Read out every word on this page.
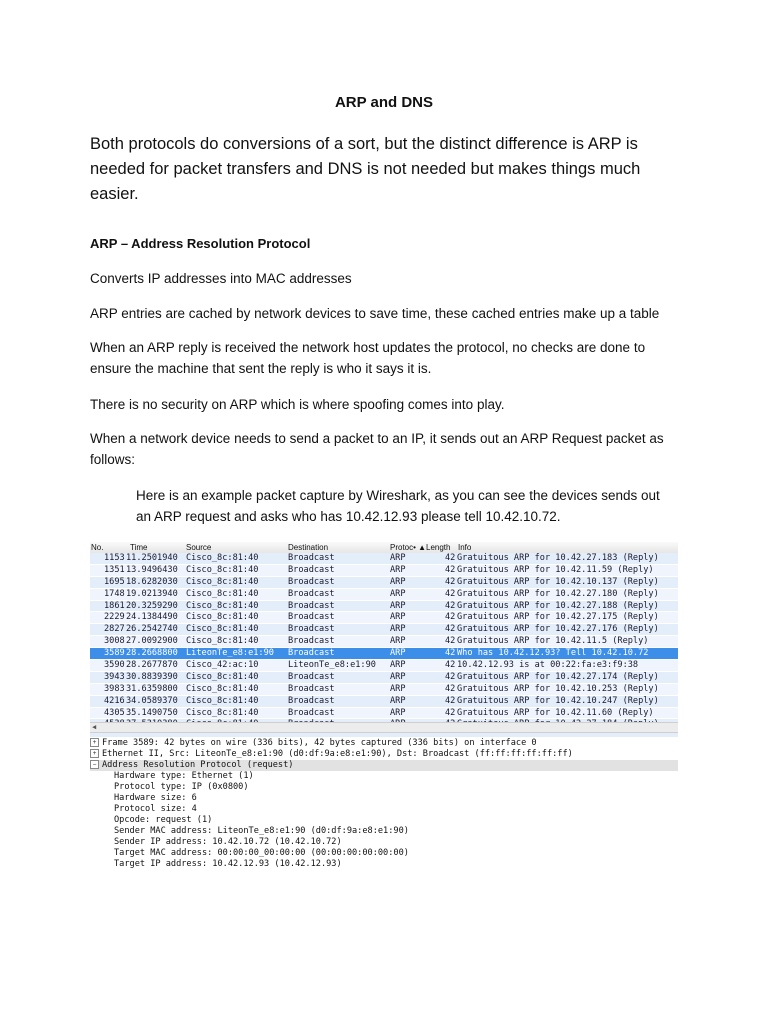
ARP and DNS
Both protocols do conversions of a sort, but the distinct difference is ARP is needed for packet transfers and DNS is not needed but makes things much easier.
ARP – Address Resolution Protocol
Converts IP addresses into MAC addresses
ARP entries are cached by network devices to save time, these cached entries make up a table
When an ARP reply is received the network host updates the protocol, no checks are done to ensure the machine that sent the reply is who it says it is.
There is no security on ARP which is where spoofing comes into play.
When a network device needs to send a packet to an IP, it sends out an ARP Request packet as follows:
Here is an example packet capture by Wireshark, as you can see the devices sends out an ARP request and asks who has 10.42.12.93 please tell 10.42.10.72.
No.	Time	Source	Destination	Protoc• ▲ Length Info
1153 11.2501940 Cisco_8c:81:40	Broadcast	ARP	42 Gratuitous ARP for 10.42.27.183 (Reply)
1351 13.9496430 Cisco_8c:81:40	Broadcast	ARP	42 Gratuitous ARP for 10.42.11.59 (Reply)
1695 18.6282030 Cisco_8c:81:40	Broadcast	ARP	42 Gratuitous ARP for 10.42.10.137 (Reply)
1748 19.0213940 Cisco_8c:81:40	Broadcast	ARP	42 Gratuitous ARP for 10.42.27.180 (Reply)
1861 20.3259290 Cisco_8c:81:40	Broadcast	ARP	42 Gratuitous ARP for 10.42.27.188 (Reply)
2229 24.1384490 Cisco_8c:81:40	Broadcast	ARP	42 Gratuitous ARP for 10.42.27.175 (Reply)
2827 26.2542740 Cisco_8c:81:40	Broadcast	ARP	42 Gratuitous ARP for 10.42.27.176 (Reply)
3008 27.0092900 Cisco_8c:81:40	Broadcast	ARP	42 Gratuitous ARP for 10.42.11.5 (Reply)
3589 28.2668800 LiteonTe_e8:e1:90 Broadcast	ARP	42 Who has 10.42.12.93? Tell 10.42.10.72
3590 28.2677870 Cisco_42:ac:10	LiteonTe_e8:e1:90 ARP	42 10.42.12.93 is at 00:22:fa:e3:f9:38
3943 30.8839390 Cisco_8c:81:40	Broadcast	ARP	42 Gratuitous ARP for 10.42.27.174 (Reply)
3983 31.6359800 Cisco_8c:81:40	Broadcast	ARP	42 Gratuitous ARP for 10.42.10.253 (Reply)
4216 34.0589370 Cisco_8c:81:40	Broadcast	ARP	42 Gratuitous ARP for 10.42.10.247 (Reply)
4305 35.1490750 Cisco_8c:81:40	Broadcast	ARP	42 Gratuitous ARP for 10.42.11.60 (Reply)
◀
+ Frame 3589: 42 bytes on wire (336 bits), 42 bytes captured (336 bits) on interface 0
+ Ethernet II, Src: LiteonTe_e8:e1:90 (d0:df:9a:e8:e1:90), Dst: Broadcast (ff:ff:ff:ff:ff:ff)
− Address Resolution Protocol (request)
Hardware type: Ethernet (1)
Protocol type: IP (0x0800)
Hardware size: 6
Protocol size: 4
Opcode: request (1)
Sender MAC address: LiteonTe_e8:e1:90 (d0:df:9a:e8:e1:90)
Sender IP address: 10.42.10.72 (10.42.10.72)
Target MAC address: 00:00:00_00:00:00 (00:00:00:00:00:00)
Target IP address: 10.42.12.93 (10.42.12.93)
